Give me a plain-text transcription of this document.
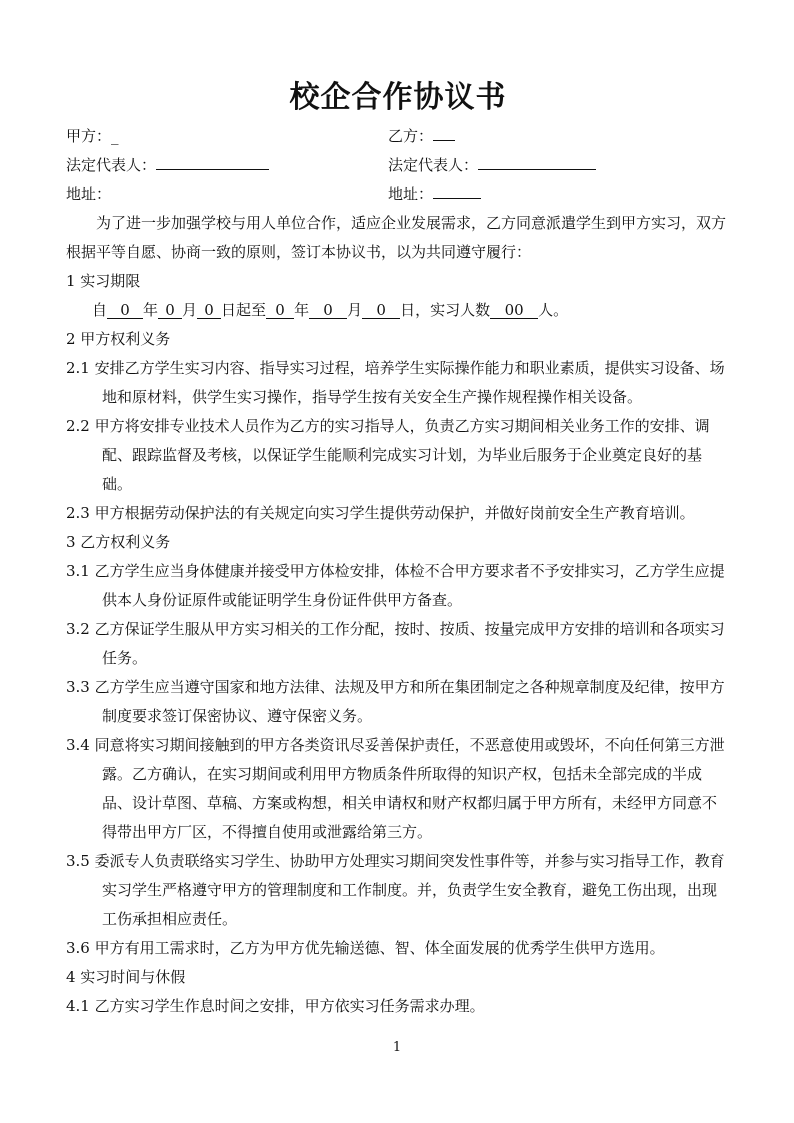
校企合作协议书
甲方：_	乙方：
法定代表人：	法定代表人：
地址：	地址：

为了进一步加强学校与用人单位合作，适应企业发展需求，乙方同意派遣学生到甲方实习，双方根据平等自愿、协商一致的原则，签订本协议书，以为共同遵守履行：

1 实习期限
自 0 年 0 月 0 日起至 0 年 0 月 0 日，实习人数 00 人。
2 甲方权利义务
2.1 安排乙方学生实习内容、指导实习过程，培养学生实际操作能力和职业素质，提供实习设备、场地和原材料，供学生实习操作，指导学生按有关安全生产操作规程操作相关设备。
2.2 甲方将安排专业技术人员作为乙方的实习指导人，负责乙方实习期间相关业务工作的安排、调配、跟踪监督及考核，以保证学生能顺利完成实习计划，为毕业后服务于企业奠定良好的基础。
2.3 甲方根据劳动保护法的有关规定向实习学生提供劳动保护，并做好岗前安全生产教育培训。
3 乙方权利义务
3.1 乙方学生应当身体健康并接受甲方体检安排，体检不合甲方要求者不予安排实习，乙方学生应提供本人身份证原件或能证明学生身份证件供甲方备查。
3.2 乙方保证学生服从甲方实习相关的工作分配，按时、按质、按量完成甲方安排的培训和各项实习任务。
3.3 乙方学生应当遵守国家和地方法律、法规及甲方和所在集团制定之各种规章制度及纪律，按甲方制度要求签订保密协议、遵守保密义务。
3.4 同意将实习期间接触到的甲方各类资讯尽妥善保护责任，不恶意使用或毁坏，不向任何第三方泄露。乙方确认，在实习期间或利用甲方物质条件所取得的知识产权，包括未全部完成的半成品、设计草图、草稿、方案或构想，相关申请权和财产权都归属于甲方所有，未经甲方同意不得带出甲方厂区，不得擅自使用或泄露给第三方。
3.5 委派专人负责联络实习学生、协助甲方处理实习期间突发性事件等，并参与实习指导工作，教育实习学生严格遵守甲方的管理制度和工作制度。并，负责学生安全教育，避免工伤出现，出现工伤承担相应责任。
3.6 甲方有用工需求时，乙方为甲方优先输送德、智、体全面发展的优秀学生供甲方选用。
4 实习时间与休假
4.1 乙方实习学生作息时间之安排，甲方依实习任务需求办理。
1
